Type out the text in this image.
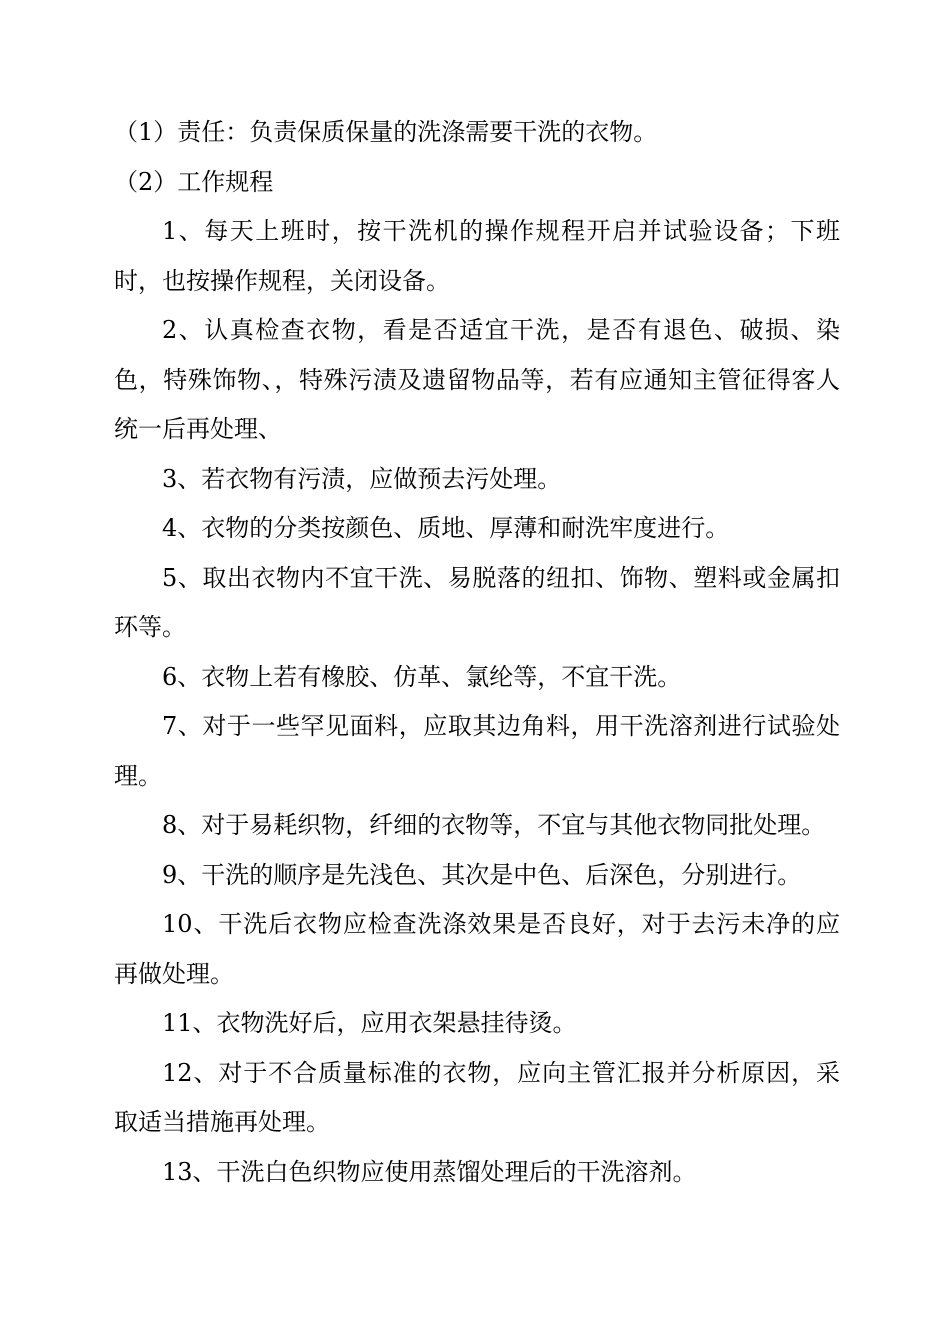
（1）责任：负责保质保量的洗涤需要干洗的衣物。

（2）工作规程

1、每天上班时，按干洗机的操作规程开启并试验设备；下班时，也按操作规程，关闭设备。

2、认真检查衣物，看是否适宜干洗，是否有退色、破损、染色，特殊饰物、，特殊污渍及遗留物品等，若有应通知主管征得客人统一后再处理、

3、若衣物有污渍，应做预去污处理。

4、衣物的分类按颜色、质地、厚薄和耐洗牢度进行。

5、取出衣物内不宜干洗、易脱落的纽扣、饰物、塑料或金属扣环等。

6、衣物上若有橡胶、仿革、氯纶等，不宜干洗。

7、对于一些罕见面料，应取其边角料，用干洗溶剂进行试验处理。

8、对于易耗织物，纤细的衣物等，不宜与其他衣物同批处理。

9、干洗的顺序是先浅色、其次是中色、后深色，分别进行。

10、干洗后衣物应检查洗涤效果是否良好，对于去污未净的应再做处理。

11、衣物洗好后，应用衣架悬挂待烫。

12、对于不合质量标准的衣物，应向主管汇报并分析原因，采取适当措施再处理。

13、干洗白色织物应使用蒸馏处理后的干洗溶剂。
